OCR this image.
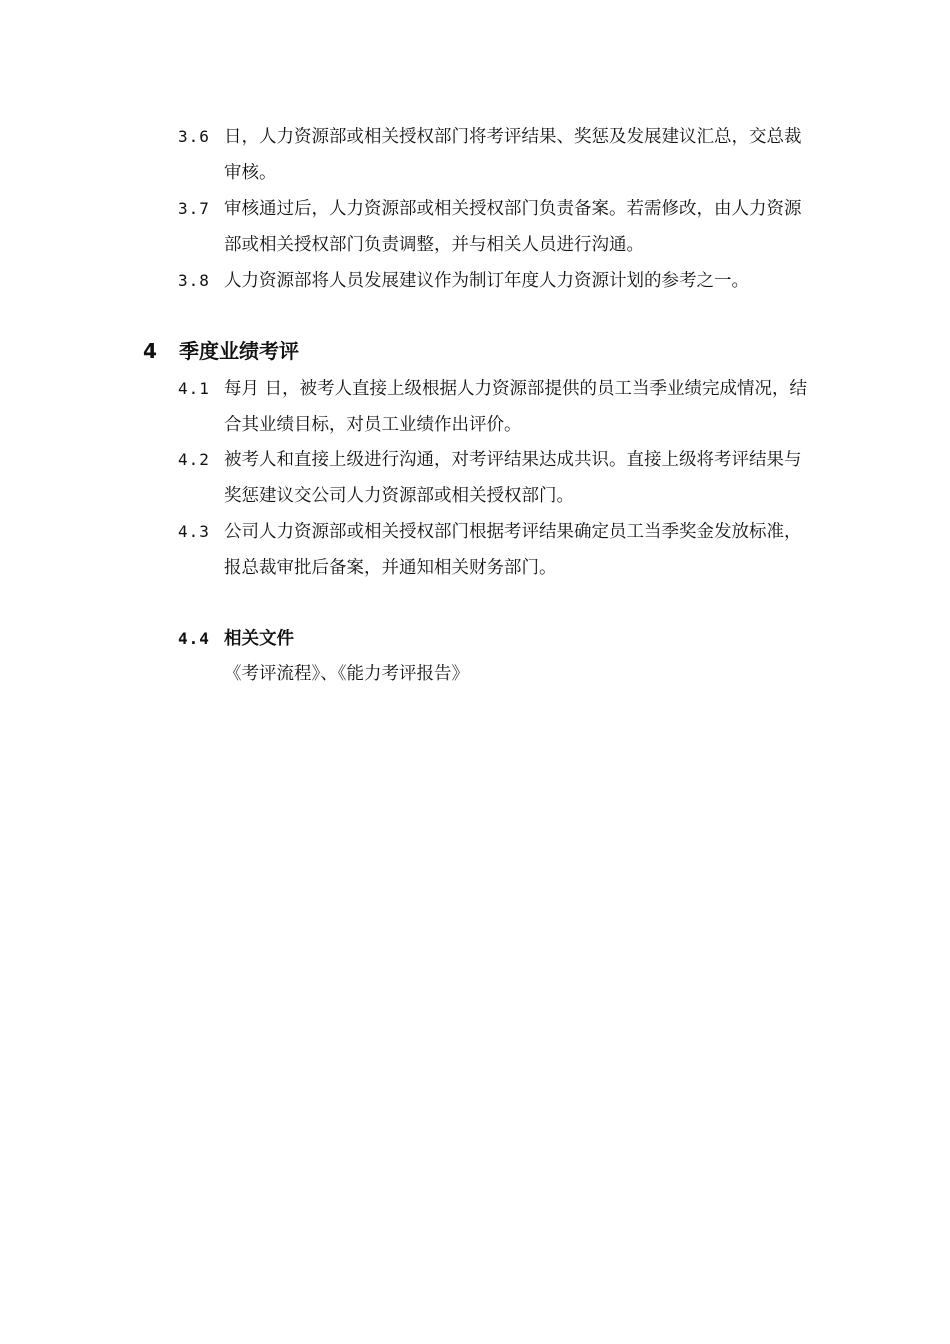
3.6 日，人力资源部或相关授权部门将考评结果、奖惩及发展建议汇总，交总裁审核。
3.7 审核通过后，人力资源部或相关授权部门负责备案。若需修改，由人力资源部或相关授权部门负责调整，并与相关人员进行沟通。
3.8 人力资源部将人员发展建议作为制订年度人力资源计划的参考之一。
4 季度业绩考评
4.1 每月 日，被考人直接上级根据人力资源部提供的员工当季业绩完成情况，结合其业绩目标，对员工业绩作出评价。
4.2 被考人和直接上级进行沟通，对考评结果达成共识。直接上级将考评结果与奖惩建议交公司人力资源部或相关授权部门。
4.3 公司人力资源部或相关授权部门根据考评结果确定员工当季奖金发放标准，报总裁审批后备案，并通知相关财务部门。
4.4 相关文件
《考评流程》、《能力考评报告》
